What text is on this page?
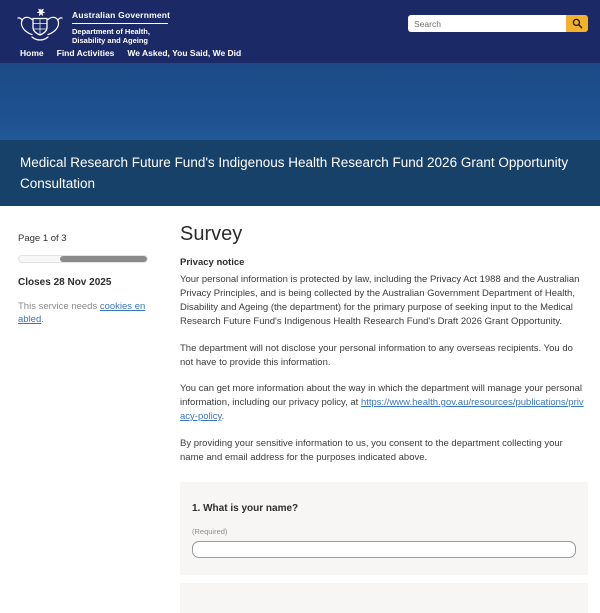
Australian Government
Department of Health,
Disability and Ageing
Search
Home Find Activities We Asked, You Said, We Did
Medical Research Future Fund's Indigenous Health Research Fund 2026 Grant Opportunity Consultation
Page 1 of 3
Closes 28 Nov 2025

This service needs cookies enabled.

Survey
Privacy notice

Your personal information is protected by law, including the Privacy Act 1988 and the Australian Privacy Principles, and is being collected by the Australian Government Department of Health, Disability and Ageing (the department) for the primary purpose of seeking input to the Medical Research Future Fund's Indigenous Health Research Fund's Draft 2026 Grant Opportunity.

The department will not disclose your personal information to any overseas recipients. You do not have to provide this information.

You can get more information about the way in which the department will manage your personal information, including our privacy policy, at https://www.health.gov.au/resources/publications/privacy-policy.

By providing your sensitive information to us, you consent to the department collecting your name and email address for the purposes indicated above.

1. What is your name?
(Required)
